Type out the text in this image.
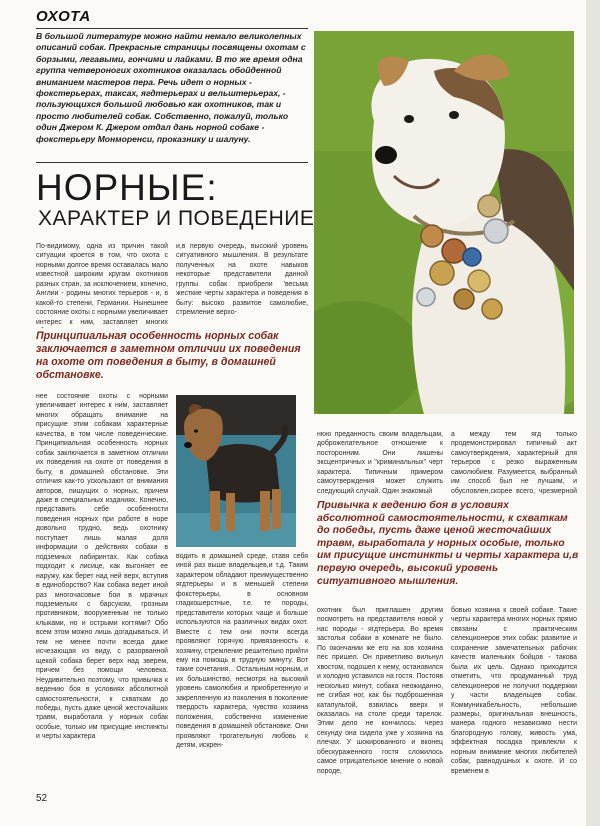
ОХОТА
В большой литературе можно найти немало великолепных описаний собак. Прекрасные страницы посвящены охотам с борзыми, легавыми, гончими и лайками. В то же время одна группа четвероногих охотников оказалась обойденной вниманием мастеров пера. Речь идет о норных - фокстерьерах, таксах, ягдтерьерах и вельштерьерах, - пользующихся большой любовью как охотников, так и просто любителей собак. Собственно, пожалуй, только один Джером К. Джером отдал дань норной собаке - фокстерьеру Монморенси, проказнику и шалуну.
НОРНЫЕ:
ХАРАКТЕР И ПОВЕДЕНИЕ
По-видимому, одна из причин такой ситуации кроется в том, что охота с норными долгое время оставалась мало известной широким кругам охотников разных стран, за исключением, конечно, Англии - родины многих терьеров - и, в какой-то степени, Германии. Нынешнее состояние охоты с норными увеличивает интерес к ним, заставляет многих
и,в первую очередь, высокий уровень ситуативного мышления. В результате полученных на охоте навыков некоторые представители данной группы собак приобрели 'весьма жесткие черты характера и поведения в быту: высоко развитое самолюбие, стремление верхо-
Принципиальная особенность норных собак заключается в заметном отличии их поведения на охоте от поведения в быту, в домашней обстановке.
нее состояние охоты с норными увеличивает интерес к ним, заставляет многих обращать внимание на присущие этим собакам характерные качества, в том числе поведенческие. Принципиальная особенность норных собак заключается в заметном отличии их поведения на охоте от поведения в быту, в домашней обстановке. Эти отличия как-то ускользают от внимания авторов, пишущих о норных, причем даже в специальных изданиях. Конечно, представить себе особенности поведения норных при работе в норе довольно трудно, ведь охотнику поступает лишь малая доля информации о действиях собаки в подземных лабиринтах. Как собака подходит к лисице, как выгоняет ее наружу, как берет над ней верх, вступив в единоборство? Как собака ведет иной раз многочасовые бои в мрачных подземельях с барсуком, грозным противником, вооруженным не только клыками, но и острыми когтями? Обо всем этом можно лишь догадываться. И тем не менее почти всегда даже исчезающая из виду, с разорванной щекой собака берет верх над зверем, причем без помощи человека. Неудивительно поэтому, что привычка к ведению боя в условиях абсолютной самостоятельности, к схваткам до победы, пусть даже ценой жесточайших травм, выработала у норных собак особые, только им присущие инстинкты и черты характера
водить в домашней среде, ставя себя иной раз выше владельцев,и т.д. Таким характером обладают преимущественно ягдтерьеры и в меньшей степени фокстерьеры, в основном гладкошерстные, т.е. те породы, представители которых чаще и больше используются на различных видах охот. Вместе с тем они почти всегда проявляют горячую привязанность к хозяину, стремление решительно прийти ему на помощь в трудную минуту. Вот такие сочетания... Остальным норным, и их большинство, несмотря на высокий уровень самолюбия и приобретенную и закрепленную из поколения в поколение твердость характера, чувство хозяина положения, собственно изменение поведения в домашней обстановке. Они проявляют трогательную любовь к детям, искрен-
нюю преданность своим владельцам, доброжелательное отношение к посторонним. Они лишены эксцентричных и "криминальных" черт характера. Типичным примером самоутверждения может служить следующий случай. Один знакомый
а между тем ягд только продемонстрировал типичный акт самоутверждения, характерный для терьеров с резко выраженным самолюбием. Разумеется, выбранный им способ был не лучшим, и обусловлен,скорее всего, чрезмерной
Привычка к ведению боя в условиях абсолютной самостоятельности, к схваткам до победы, пусть даже ценой жесточайших травм, выработала у норных особые, только им присущие инстинкты и черты характера и,в первую очередь, высокий уровень ситуативного мышления.
охотник был приглашен другим посмотреть на представителя новой у нас породы - ягдтерьера. Во время застолья собаки в комнате не было. По окончании же его на зов хозяина пес пришел. Он приветливо вильнул хвостом, подошел к нему, остановился и холодно уставился на гостя. Постояв несколько минут, собака неожиданно, не сгибая ног, как бы подброшенная катапультой, взвилась вверх и оказалась на столе среди тарелок. Этим дело не кончилось: через секунду она сидела уже у хозяина на плечах. У шокированного и вконец обескураженного гостя сложилось самое отрицательное мнение о новой породе,
бовью хозяина к своей собаке. Такие черты характера многих норных прямо связаны с практическим селекционеров этих собак: развитие и сохранение замечательных рабочих качеств маленьких бойцов - такова была их цель. Однако приходится отметить, что продуманный труд селекционеров не получил поддержки у части владельцев собак. Коммуникабельность, небольшие размеры, оригинальная внешность, манера годного независимо нести благородную голову, живость ума, эффектная посадка привлекли к норным внимание многих любителей собак, равнодушных к охоте. И со временем в
52
